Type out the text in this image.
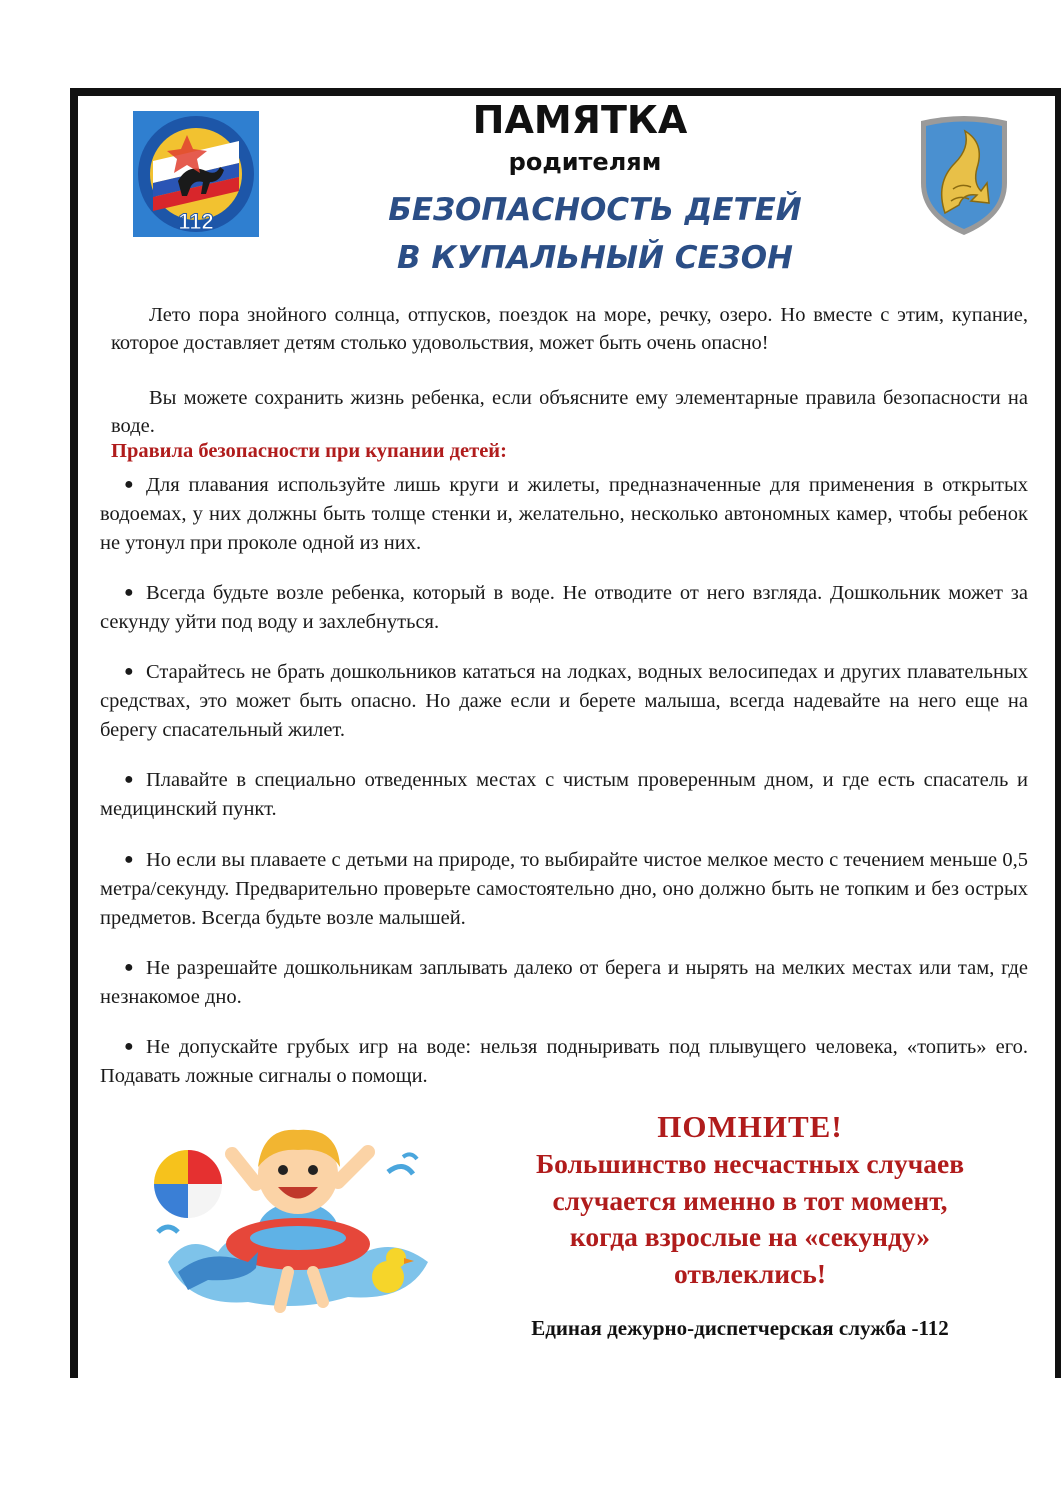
112
ПАМЯТКА
родителям
БЕЗОПАСНОСТЬ ДЕТЕЙ
В КУПАЛЬНЫЙ СЕЗОН

Лето пора знойного солнца, отпусков, поездок на море, речку, озеро. Но вместе с этим, купание, которое доставляет детям столько удовольствия, может быть очень опасно!

Вы можете сохранить жизнь ребенка, если объясните ему элементарные правила безопасности на воде.

Правила безопасности при купании детей:

● Для плавания используйте лишь круги и жилеты, предназначенные для применения в открытых водоемах, у них должны быть толще стенки и, желательно, несколько автономных камер, чтобы ребенок не утонул при проколе одной из них.

● Всегда будьте возле ребенка, который в воде. Не отводите от него взгляда. Дошкольник может за секунду уйти под воду и захлебнуться.

● Старайтесь не брать дошкольников кататься на лодках, водных велосипедах и других плавательных средствах, это может быть опасно. Но даже если и берете малыша, всегда надевайте на него еще на берегу спасательный жилет.

● Плавайте в специально отведенных местах с чистым проверенным дном, и где есть спасатель и медицинский пункт.

● Но если вы плаваете с детьми на природе, то выбирайте чистое мелкое место с течением меньше 0,5 метра/секунду. Предварительно проверьте самостоятельно дно, оно должно быть не топким и без острых предметов. Всегда будьте возле малышей.

● Не разрешайте дошкольникам заплывать далеко от берега и нырять на мелких местах или там, где незнакомое дно.

● Не допускайте грубых игр на воде: нельзя подныривать под плывущего человека, «топить» его. Подавать ложные сигналы о помощи.

ПОМНИТЕ!
Большинство несчастных случаев
случается именно в тот момент,
когда взрослые на «секунду»
отвлеклись!
Единая дежурно-диспетчерская служба -112
